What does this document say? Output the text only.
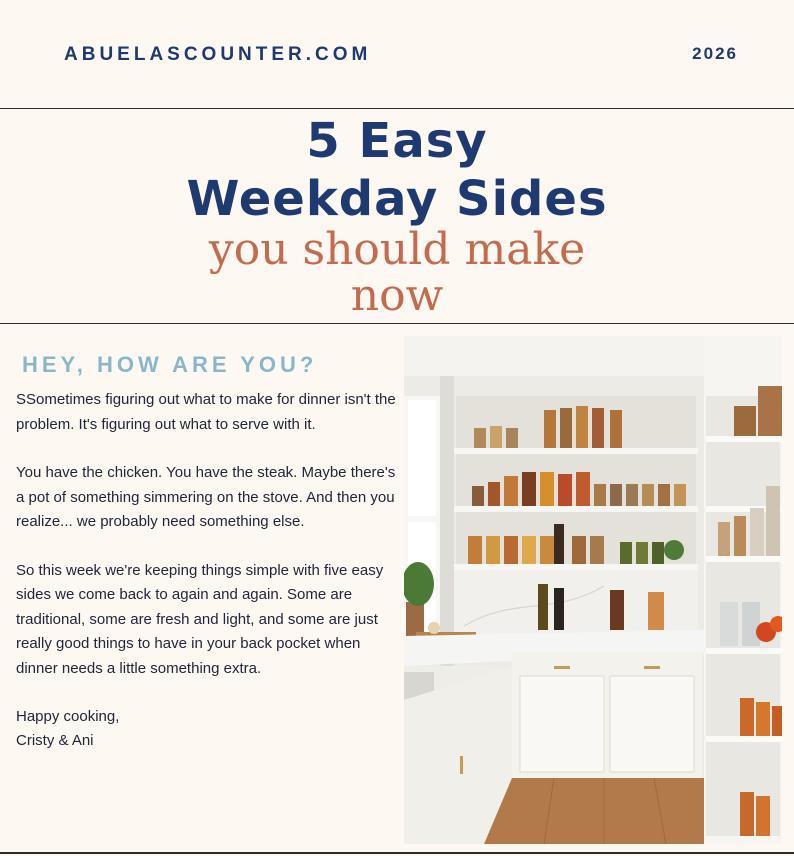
ABUELASCOUNTER.COM	2026
5 Easy
Weekday Sides
you should make
now
HEY, HOW ARE YOU?

SSometimes figuring out what to make for dinner isn't the problem. It's figuring out what to serve with it.

You have the chicken. You have the steak. Maybe there's a pot of something simmering on the stove. And then you realize... we probably need something else.

So this week we're keeping things simple with five easy sides we come back to again and again. Some are traditional, some are fresh and light, and some are just really good things to have in your back pocket when dinner needs a little something extra.

Happy cooking,
Cristy & Ani
